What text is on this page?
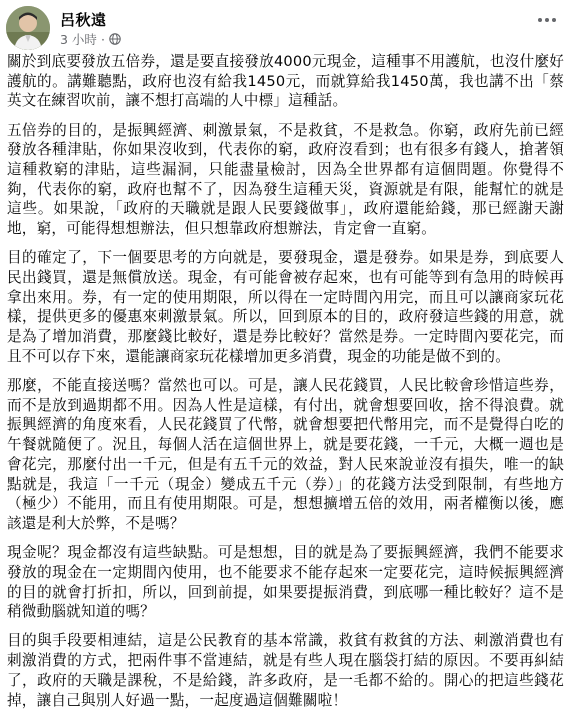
呂秋遠
3 小時 ·

關於到底要發放五倍券，還是要直接發放4000元現金，這種事不用護航，也沒什麼好護航的。講難聽點，政府也沒有給我1450元，而就算給我1450萬，我也講不出「蔡英文在練習吹前，讓不想打高端的人中標」這種話。

五倍券的目的，是振興經濟、刺激景氣，不是救貧，不是救急。你窮，政府先前已經發放各種津貼，你如果沒收到，代表你的窮，政府沒看到；也有很多有錢人，搶著領這種救窮的津貼，這些漏洞，只能盡量檢討，因為全世界都有這個問題。你覺得不夠，代表你的窮，政府也幫不了，因為發生這種天災，資源就是有限，能幫忙的就是這些。如果說，「政府的天職就是跟人民要錢做事」，政府還能給錢，那已經謝天謝地，窮，可能得想想辦法，但只想靠政府想辦法，肯定會一直窮。

目的確定了，下一個要思考的方向就是，要發現金，還是發券。如果是券，到底要人民出錢買，還是無償放送。現金，有可能會被存起來，也有可能等到有急用的時候再拿出來用。券，有一定的使用期限，所以得在一定時間內用完，而且可以讓商家玩花樣，提供更多的優惠來刺激景氣。所以，回到原本的目的，政府發這些錢的用意，就是為了增加消費，那麼錢比較好，還是券比較好？當然是券。一定時間內要花完，而且不可以存下來，還能讓商家玩花樣增加更多消費，現金的功能是做不到的。

那麼，不能直接送嗎？當然也可以。可是，讓人民花錢買，人民比較會珍惜這些券，而不是放到過期都不用。因為人性是這樣，有付出，就會想要回收，捨不得浪費。就振興經濟的角度來看，人民花錢買了代幣，就會想要把代幣用完，而不是覺得白吃的午餐就隨便了。況且，每個人活在這個世界上，就是要花錢，一千元，大概一週也是會花完，那麼付出一千元，但是有五千元的效益，對人民來說並沒有損失，唯一的缺點就是，我這「一千元（現金）變成五千元（券）」的花錢方法受到限制，有些地方（極少）不能用，而且有使用期限。可是，想想擴增五倍的效用，兩者權衡以後，應該還是利大於弊，不是嗎？

現金呢？現金都沒有這些缺點。可是想想，目的就是為了要振興經濟，我們不能要求發放的現金在一定期間內使用，也不能要求不能存起來一定要花完，這時候振興經濟的目的就會打折扣，所以，回到前提，如果要提振消費，到底哪一種比較好？這不是稍微動腦就知道的嗎？

目的與手段要相連結，這是公民教育的基本常識，救貧有救貧的方法、刺激消費也有刺激消費的方式，把兩件事不當連結，就是有些人現在腦袋打結的原因。不要再糾結了，政府的天職是課稅，不是給錢，許多政府，是一毛都不給的。開心的把這些錢花掉，讓自己與別人好過一點，一起度過這個難關啦！
